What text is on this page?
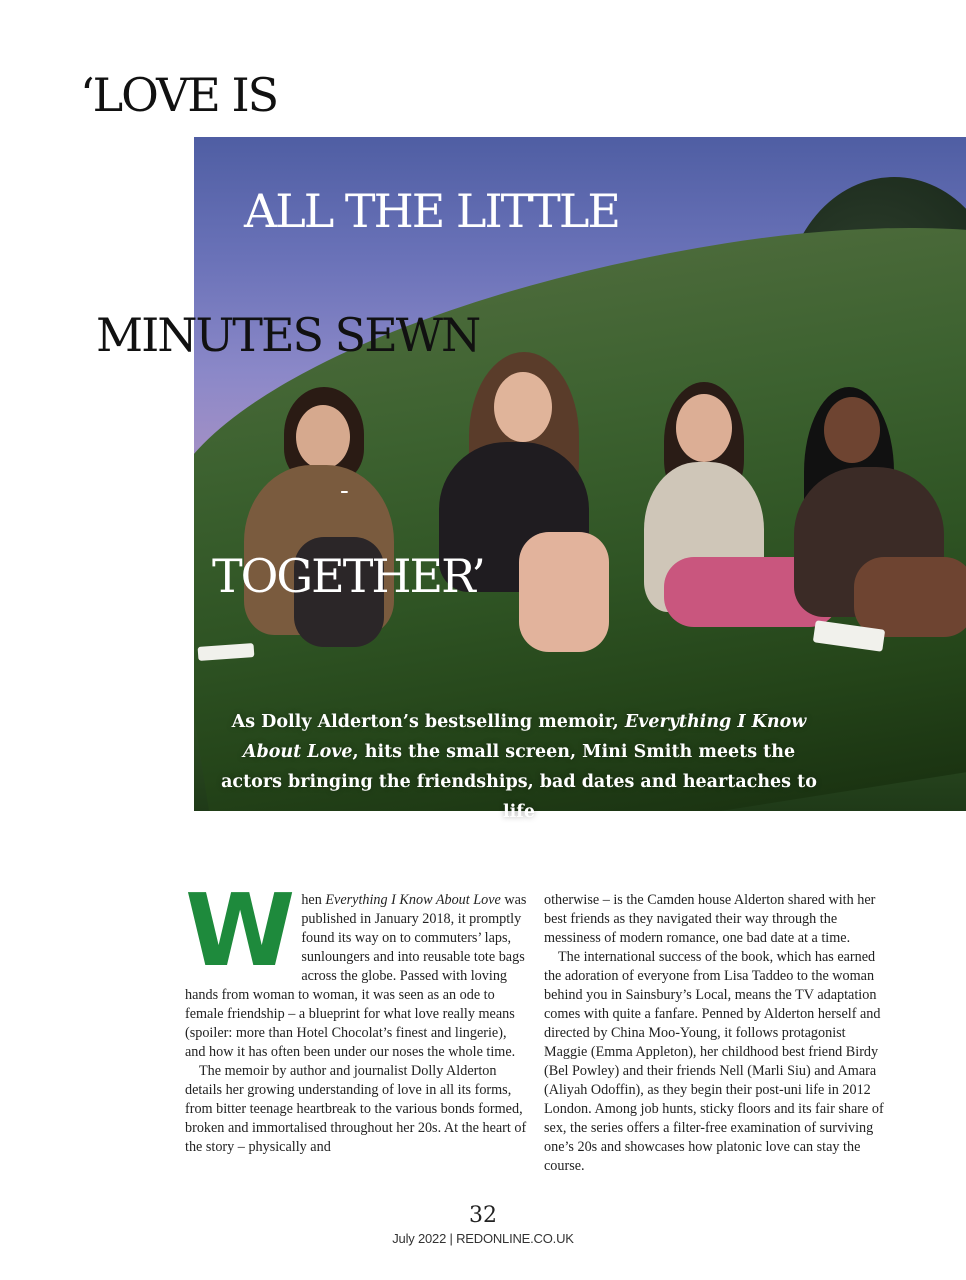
‘LOVE IS
ALL THE LITTLE
MINUTES SEWN
-
TOGETHER’
As Dolly Alderton’s bestselling memoir, Everything I Know About Love, hits the small screen, Mini Smith meets the actors bringing the friendships, bad dates and heartaches to life

W	hen Everything I Know About Love was published in January 2018, it promptly found its way on to commuters’ laps, sunloungers and into reusable tote bags across the globe. Passed with loving hands from woman to woman, it was seen as an ode to female friendship – a blueprint for what love really means (spoiler: more than Hotel Chocolat’s finest and lingerie), and how it has often been under our noses the whole time.

The memoir by author and journalist Dolly Alderton details her growing understanding of love in all its forms, from bitter teenage heartbreak to the various bonds formed, broken and immortalised throughout her 20s. At the heart of the story – physically and

otherwise – is the Camden house Alderton shared with her best friends as they navigated their way through the messiness of modern romance, one bad date at a time.

The international success of the book, which has earned the adoration of everyone from Lisa Taddeo to the woman behind you in Sainsbury’s Local, means the TV adaptation comes with quite a fanfare. Penned by Alderton herself and directed by China Moo-Young, it follows protagonist Maggie (Emma Appleton), her childhood best friend Birdy (Bel Powley) and their friends Nell (Marli Siu) and Amara (Aliyah Odoffin), as they begin their post-uni life in 2012 London. Among job hunts, sticky floors and its fair share of sex, the series offers a filter-free examination of surviving one’s 20s and showcases how platonic love can stay the course.

32
July 2022 | REDONLINE.CO.UK
